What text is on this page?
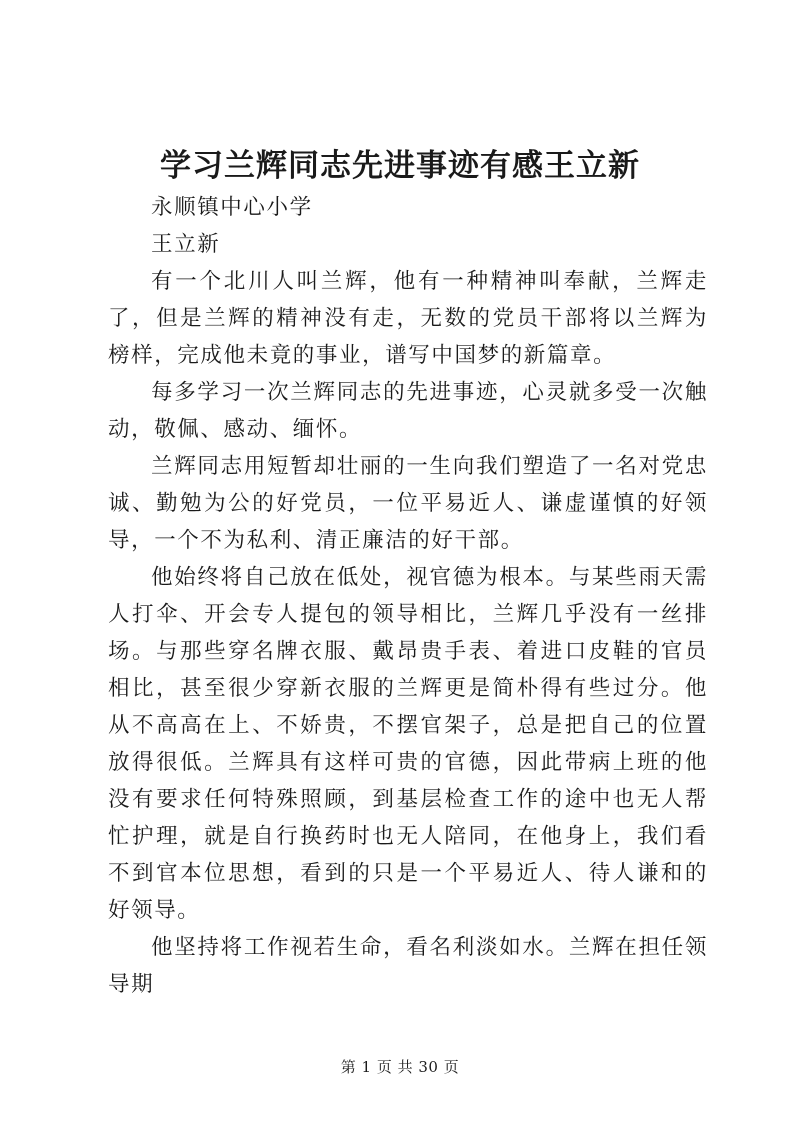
学习兰辉同志先进事迹有感王立新

永顺镇中心小学

王立新

有一个北川人叫兰辉，他有一种精神叫奉献，兰辉走了，但是兰辉的精神没有走，无数的党员干部将以兰辉为榜样，完成他未竟的事业，谱写中国梦的新篇章。

每多学习一次兰辉同志的先进事迹，心灵就多受一次触动，敬佩、感动、缅怀。

兰辉同志用短暂却壮丽的一生向我们塑造了一名对党忠诚、勤勉为公的好党员，一位平易近人、谦虚谨慎的好领导，一个不为私利、清正廉洁的好干部。

他始终将自己放在低处，视官德为根本。与某些雨天需人打伞、开会专人提包的领导相比，兰辉几乎没有一丝排场。与那些穿名牌衣服、戴昂贵手表、着进口皮鞋的官员相比，甚至很少穿新衣服的兰辉更是简朴得有些过分。他从不高高在上、不娇贵，不摆官架子，总是把自己的位置放得很低。兰辉具有这样可贵的官德，因此带病上班的他没有要求任何特殊照顾，到基层检查工作的途中也无人帮忙护理，就是自行换药时也无人陪同，在他身上，我们看不到官本位思想，看到的只是一个平易近人、待人谦和的好领导。

他坚持将工作视若生命，看名利淡如水。兰辉在担任领导期

第 1 页 共 30 页
